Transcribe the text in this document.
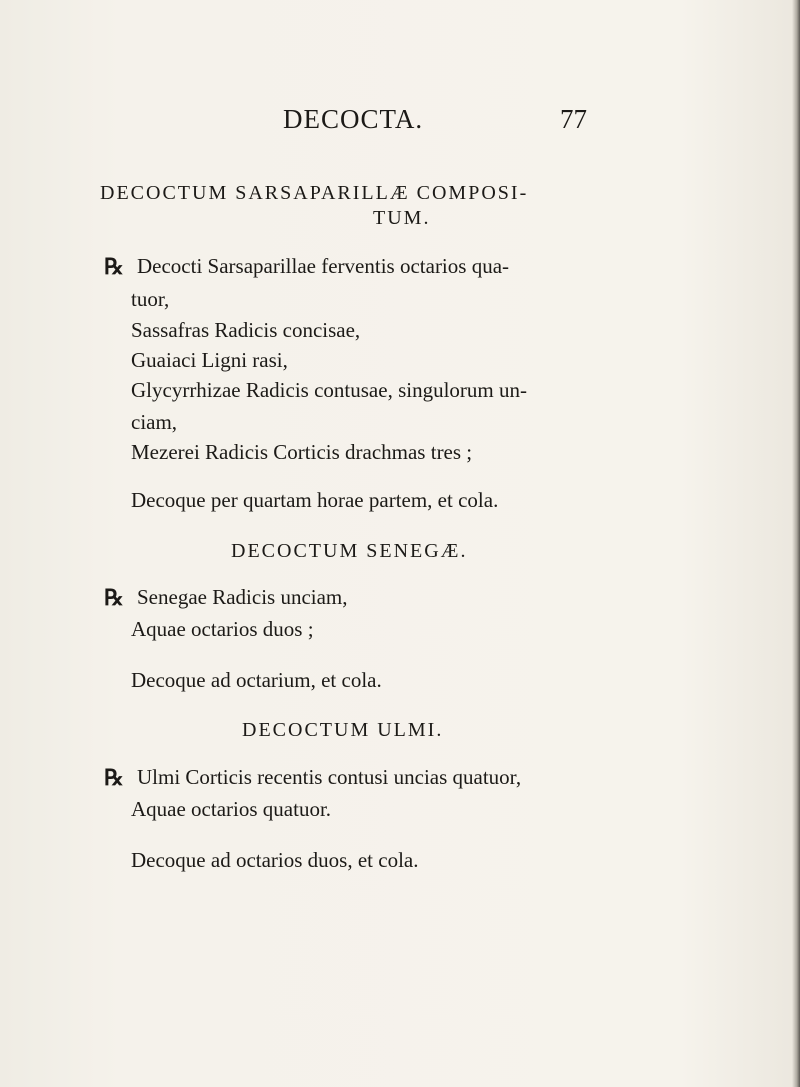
DECOCTA.	77
DECOCTUM SARSAPARILLÆ COMPOSI-
TUM.
℞ Decocti Sarsaparillae ferventis octarios qua-
tuor,
Sassafras Radicis concisae,
Guaiaci Ligni rasi,
Glycyrrhizae Radicis contusae, singulorum un-
ciam,
Mezerei Radicis Corticis drachmas tres ;
Decoque per quartam horae partem, et cola.
DECOCTUM SENEGÆ.
℞ Senegae Radicis unciam,
Aquae octarios duos ;
Decoque ad octarium, et cola.
DECOCTUM ULMI.
℞ Ulmi Corticis recentis contusi uncias quatuor,
Aquae octarios quatuor.
Decoque ad octarios duos, et cola.
